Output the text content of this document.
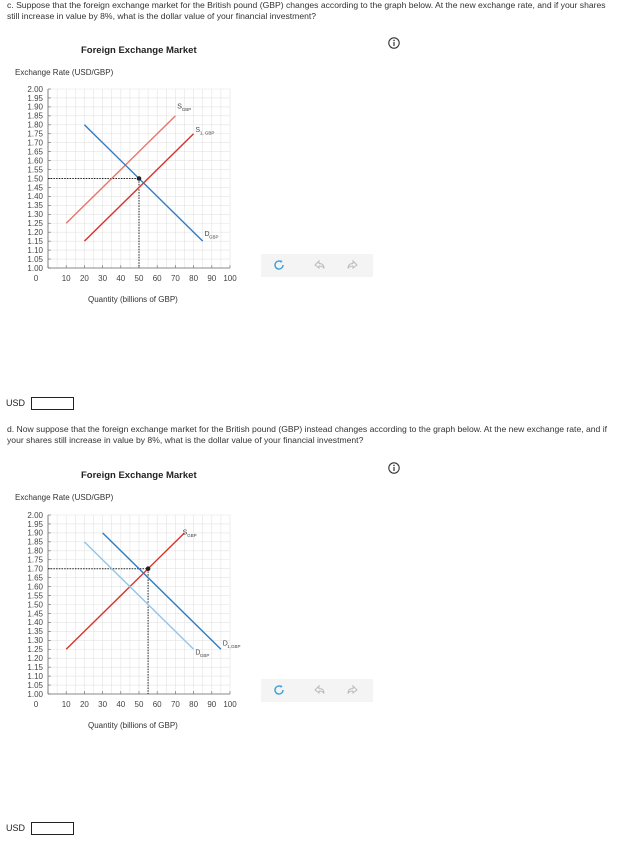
c. Suppose that the foreign exchange market for the British pound (GBP) changes according to the graph below. At the new exchange rate, and if your shares still increase in value by 8%, what is the dollar value of your financial investment?
Foreign Exchange Market
Exchange Rate (USD/GBP)
1.00
1.05
1.10
1.15
1.20
1.25
1.30
1.35
1.40
1.45
1.50
1.55
1.60
1.65
1.70
1.75
1.80
1.85
1.90
1.95
2.00
0	10 20 30 40 50 60 70 80 90 100
S GBP
S 1, GBP
D GBP
Quantity (billions of GBP)
USD
d. Now suppose that the foreign exchange market for the British pound (GBP) instead changes according to the graph below. At the new exchange rate, and if your shares still increase in value by 8%, what is the dollar value of your financial investment?
Foreign Exchange Market
Exchange Rate (USD/GBP)
1.00
1.05
1.10
1.15
1.20
1.25
1.30
1.35
1.40
1.45
1.50
1.55
1.60
1.65
1.70
1.75
1.80
1.85
1.90
1.95
2.00
0	10 20 30 40 50 60 70 80 90 100
S GBP
D 1,GBP
D GBP
Quantity (billions of GBP)
USD
